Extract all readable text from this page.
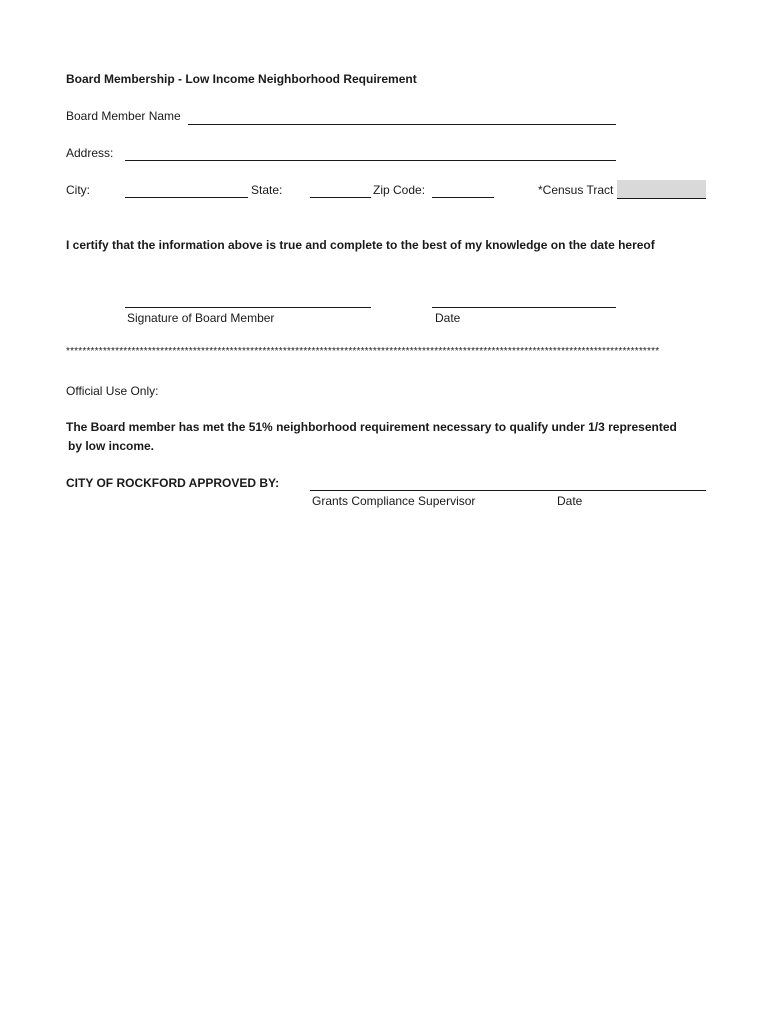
Board Membership - Low Income Neighborhood Requirement
Board Member Name
Address:
City:	State:	Zip Code:	*Census Tract
I certify that the information above is true and complete to the best of my knowledge on the date hereof
Signature of Board Member	Date
*************************************************************************************************************************************************
Official Use Only:
The Board member has met the 51% neighborhood requirement necessary to qualify under 1/3 represented
by low income.
CITY OF ROCKFORD APPROVED BY:
Grants Compliance Supervisor	Date
